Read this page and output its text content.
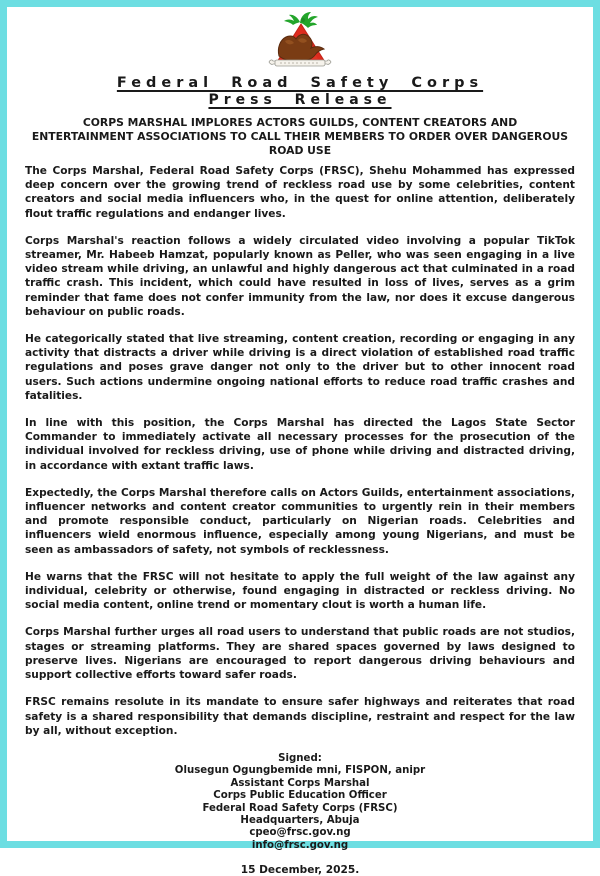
Federal Road Safety Corps
Press Release
CORPS MARSHAL IMPLORES ACTORS GUILDS, CONTENT CREATORS AND ENTERTAINMENT ASSOCIATIONS TO CALL THEIR MEMBERS TO ORDER OVER DANGEROUS ROAD USE

The Corps Marshal, Federal Road Safety Corps (FRSC), Shehu Mohammed has expressed deep concern over the growing trend of reckless road use by some celebrities, content creators and social media influencers who, in the quest for online attention, deliberately flout traffic regulations and endanger lives.

Corps Marshal's reaction follows a widely circulated video involving a popular TikTok streamer, Mr. Habeeb Hamzat, popularly known as Peller, who was seen engaging in a live video stream while driving, an unlawful and highly dangerous act that culminated in a road traffic crash. This incident, which could have resulted in loss of lives, serves as a grim reminder that fame does not confer immunity from the law, nor does it excuse dangerous behaviour on public roads.

He categorically stated that live streaming, content creation, recording or engaging in any activity that distracts a driver while driving is a direct violation of established road traffic regulations and poses grave danger not only to the driver but to other innocent road users. Such actions undermine ongoing national efforts to reduce road traffic crashes and fatalities.

In line with this position, the Corps Marshal has directed the Lagos State Sector Commander to immediately activate all necessary processes for the prosecution of the individual involved for reckless driving, use of phone while driving and distracted driving, in accordance with extant traffic laws.

Expectedly, the Corps Marshal therefore calls on Actors Guilds, entertainment associations, influencer networks and content creator communities to urgently rein in their members and promote responsible conduct, particularly on Nigerian roads. Celebrities and influencers wield enormous influence, especially among young Nigerians, and must be seen as ambassadors of safety, not symbols of recklessness.

He warns that the FRSC will not hesitate to apply the full weight of the law against any individual, celebrity or otherwise, found engaging in distracted or reckless driving. No social media content, online trend or momentary clout is worth a human life.

Corps Marshal further urges all road users to understand that public roads are not studios, stages or streaming platforms. They are shared spaces governed by laws designed to preserve lives. Nigerians are encouraged to report dangerous driving behaviours and support collective efforts toward safer roads.

FRSC remains resolute in its mandate to ensure safer highways and reiterates that road safety is a shared responsibility that demands discipline, restraint and respect for the law by all, without exception.

Signed:
Olusegun Ogungbemide mni, FISPON, anipr
Assistant Corps Marshal
Corps Public Education Officer
Federal Road Safety Corps (FRSC)
Headquarters, Abuja
cpeo@frsc.gov.ng
info@frsc.gov.ng
15 December, 2025.
